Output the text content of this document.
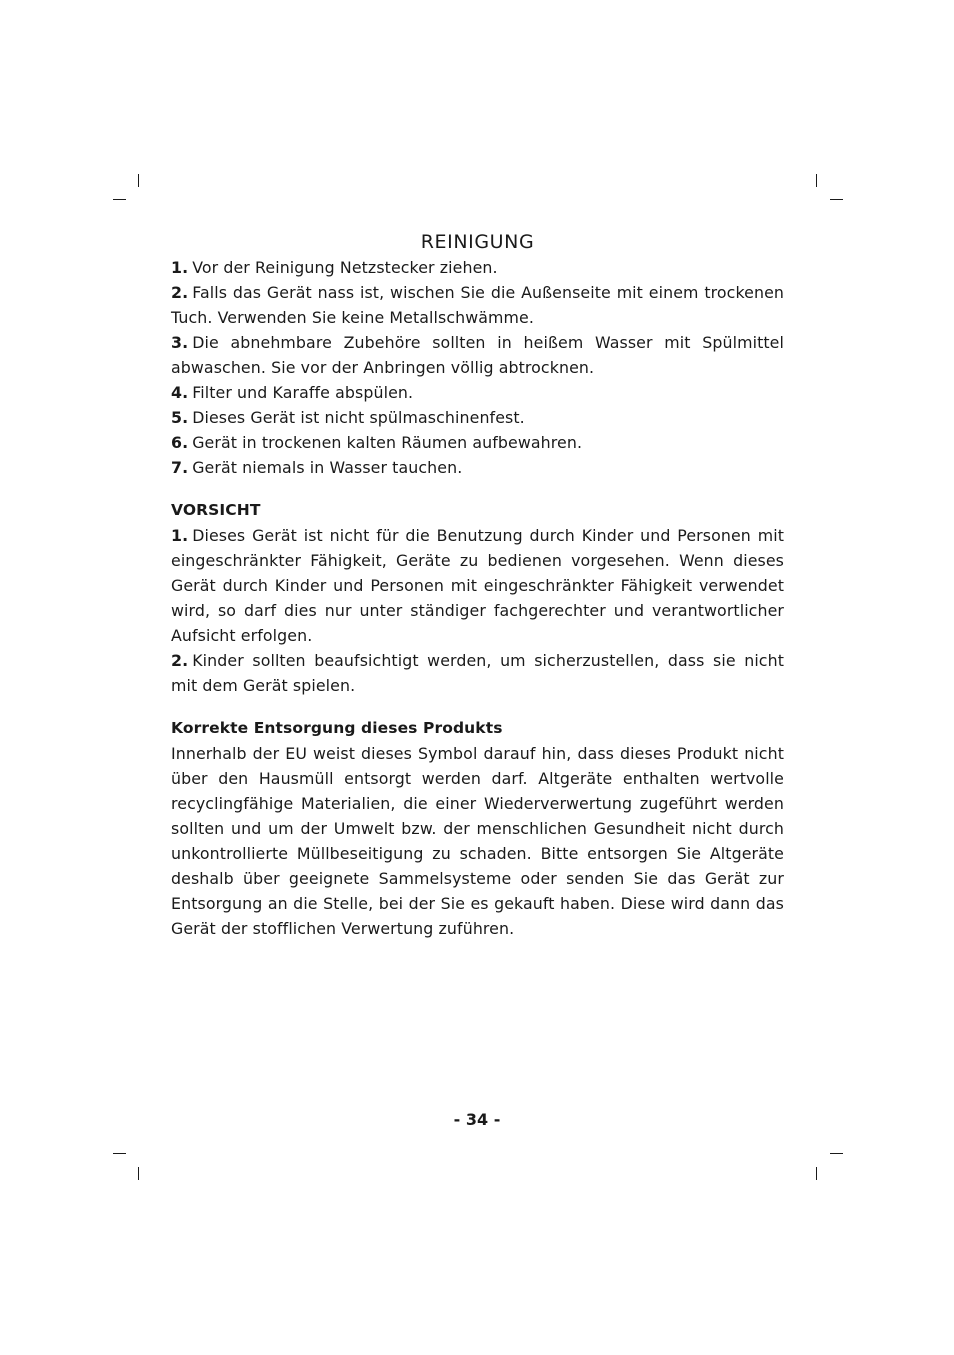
REINIGUNG

1. Vor der Reinigung Netzstecker ziehen.

2. Falls das Gerät nass ist, wischen Sie die Außenseite mit einem trockenen Tuch. Verwenden Sie keine Metallschwämme.

3. Die abnehmbare Zubehöre sollten in heißem Wasser mit Spülmittel abwaschen. Sie vor der Anbringen völlig abtrocknen.

4. Filter und Karaffe abspülen.

5. Dieses Gerät ist nicht spülmaschinenfest.

6. Gerät in trockenen kalten Räumen aufbewahren.

7. Gerät niemals in Wasser tauchen.

VORSICHT

1. Dieses Gerät ist nicht für die Benutzung durch Kinder und Personen mit eingeschränkter Fähigkeit, Geräte zu bedienen vorgesehen. Wenn dieses Gerät durch Kinder und Personen mit eingeschränkter Fähigkeit verwendet wird, so darf dies nur unter ständiger fachgerechter und verantwortlicher Aufsicht erfolgen.

2. Kinder sollten beaufsichtigt werden, um sicherzustellen, dass sie nicht mit dem Gerät spielen.

Korrekte Entsorgung dieses Produkts

Innerhalb der EU weist dieses Symbol darauf hin, dass dieses Produkt nicht über den Hausmüll entsorgt werden darf. Altgeräte enthalten wertvolle recyclingfähige Materialien, die einer Wiederverwertung zugeführt werden sollten und um der Umwelt bzw. der menschlichen Gesundheit nicht durch unkontrollierte Müllbeseitigung zu schaden. Bitte entsorgen Sie Altgeräte deshalb über geeignete Sammelsysteme oder senden Sie das Gerät zur Entsorgung an die Stelle, bei der Sie es gekauft haben. Diese wird dann das Gerät der stofflichen Verwertung zuführen.

- 34 -
